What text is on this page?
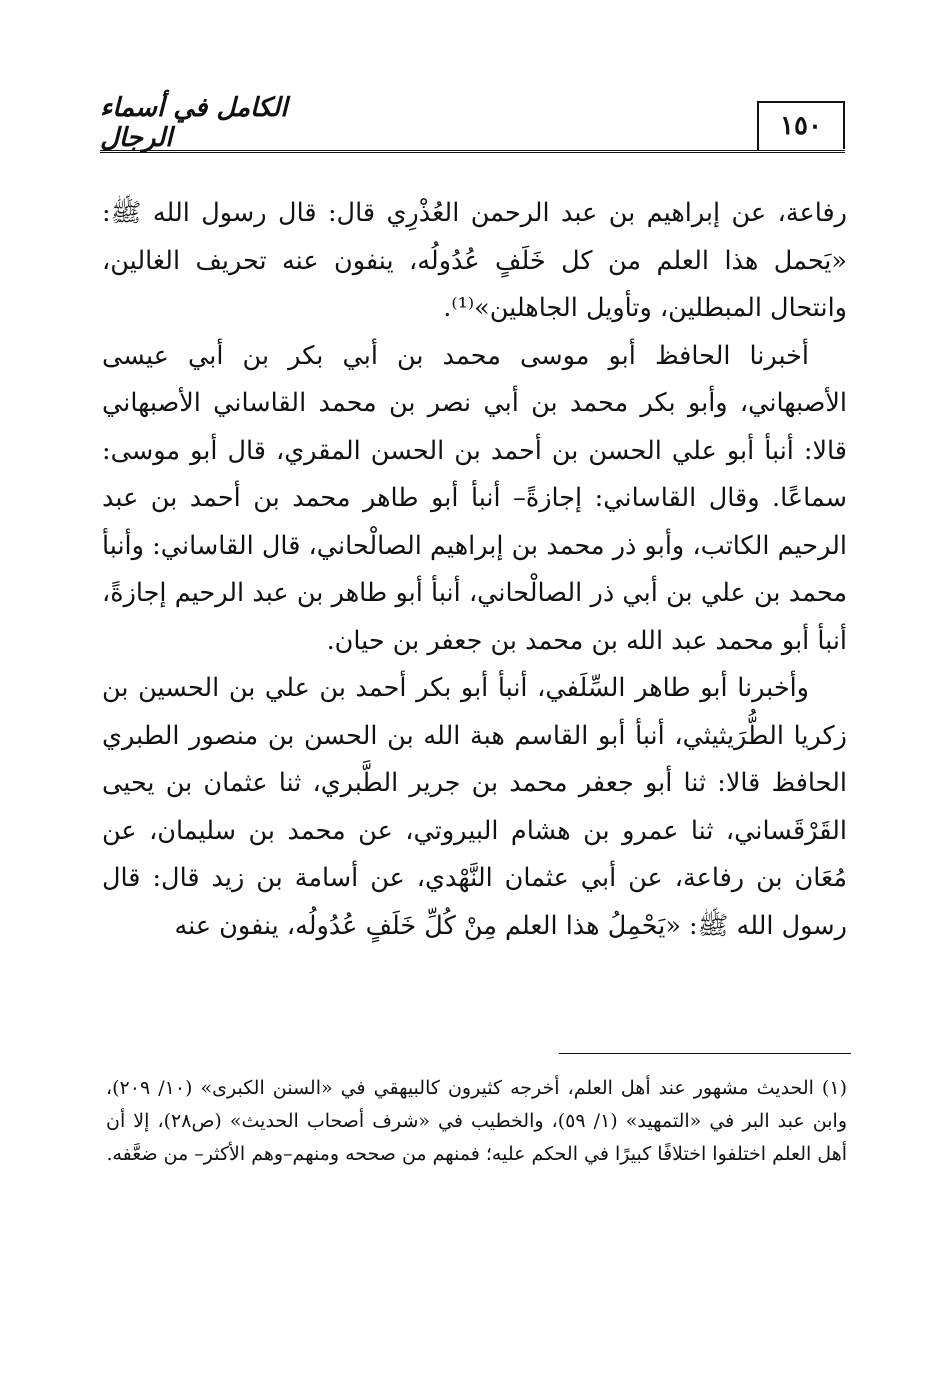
الكامل في أسماء الرجال	١٥٠

رفاعة، عن إبراهيم بن عبد الرحمن العُذْرِي قال: قال رسول الله ﷺ: «يَحمل هذا العلم من كل خَلَفٍ عُدُولُه، ينفون عنه تحريف الغالين، وانتحال المبطلين، وتأويل الجاهلين»⁽¹⁾.

أخبرنا الحافظ أبو موسى محمد بن أبي بكر بن أبي عيسى الأصبهاني، وأبو بكر محمد بن أبي نصر بن محمد القاساني الأصبهاني قالا: أنبأ أبو علي الحسن بن أحمد بن الحسن المقري، قال أبو موسى: سماعًا. وقال القاساني: إجازةً– أنبأ أبو طاهر محمد بن أحمد بن عبد الرحيم الكاتب، وأبو ذر محمد بن إبراهيم الصالْحاني، قال القاساني: وأنبأ محمد بن علي بن أبي ذر الصالْحاني، أنبأ أبو طاهر بن عبد الرحيم إجازةً، أنبأ أبو محمد عبد الله بن محمد بن جعفر بن حيان.

وأخبرنا أبو طاهر السِّلَفي، أنبأ أبو بكر أحمد بن علي بن الحسين بن زكريا الطُّرَيثيثي، أنبأ أبو القاسم هبة الله بن الحسن بن منصور الطبري الحافظ قالا: ثنا أبو جعفر محمد بن جرير الطَّبري، ثنا عثمان بن يحيى القَرْقَساني، ثنا عمرو بن هشام البيروتي، عن محمد بن سليمان، عن مُعَان بن رفاعة، عن أبي عثمان النَّهْدي، عن أسامة بن زيد قال: قال رسول الله ﷺ: «يَحْمِلُ هذا العلم مِنْ كُلِّ خَلَفٍ عُدُولُه، ينفون عنه

(١) الحديث مشهور عند أهل العلم، أخرجه كثيرون كالبيهقي في «السنن الكبرى» (١٠/ ٢٠٩)، وابن عبد البر في «التمهيد» (١/ ٥٩)، والخطيب في «شرف أصحاب الحديث» (ص٢٨)، إلا أن أهل العلم اختلفوا اختلافًا كبيرًا في الحكم عليه؛ فمنهم من صححه ومنهم–وهم الأكثر– من ضعَّفه.
